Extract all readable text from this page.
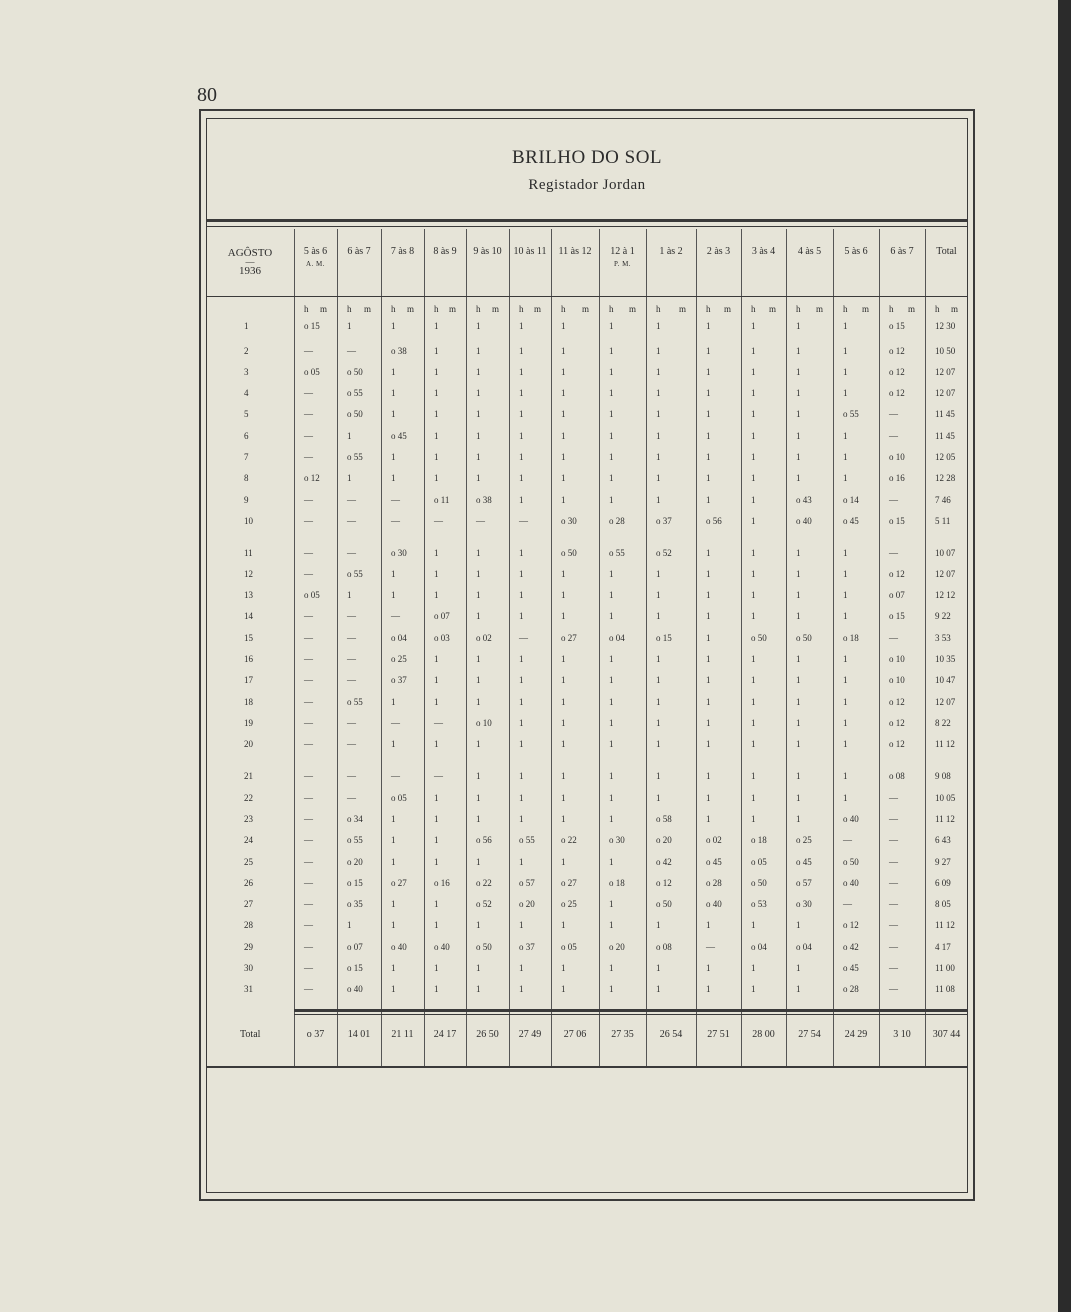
80
BRILHO DO SOL
Registador Jordan
AGÔSTO
—
1936
5 às 6
A. M.
6 às 7	7 às 8	8 às 9	9 às 10	10 às 11	11 às 12	12 à 1
P. M.
1 às 2	2 às 3	3 às 4	4 às 5	5 às 6	6 às 7	Total
h m h m h m h m h m h m h m h m h m h m h m h m h m h m h m
1	o 15	1	1	1	1	1	1	1	1	1	1	1	1	o 15	12 30
2	—	—	o 38	1	1	1	1	1	1	1	1	1	1	o 12	10 50
3	o 05	o 50	1	1	1	1	1	1	1	1	1	1	1	o 12	12 07
4	—	o 55	1	1	1	1	1	1	1	1	1	1	1	o 12	12 07
5	—	o 50	1	1	1	1	1	1	1	1	1	1	o 55	—	11 45
6	—	1	o 45	1	1	1	1	1	1	1	1	1	1	—	11 45
7	—	o 55	1	1	1	1	1	1	1	1	1	1	1	o 10	12 05
8	o 12	1	1	1	1	1	1	1	1	1	1	1	1	o 16	12 28
9	—	—	—	o 11	o 38	1	1	1	1	1	1	o 43	o 14	—	7 46
10	—	—	—	—	—	—	o 30	o 28	o 37	o 56	1	o 40	o 45	o 15	5 11
11	—	—	o 30	1	1	1	o 50	o 55	o 52	1	1	1	1	—	10 07
12	—	o 55	1	1	1	1	1	1	1	1	1	1	1	o 12	12 07
13	o 05	1	1	1	1	1	1	1	1	1	1	1	1	o 07	12 12
14	—	—	—	o 07	1	1	1	1	1	1	1	1	1	o 15	9 22
15	—	—	o 04	o 03	o 02	—	o 27	o 04	o 15	1	o 50	o 50	o 18	—	3 53
16	—	—	o 25	1	1	1	1	1	1	1	1	1	1	o 10	10 35
17	—	—	o 37	1	1	1	1	1	1	1	1	1	1	o 10	10 47
18	—	o 55	1	1	1	1	1	1	1	1	1	1	1	o 12	12 07
19	—	—	—	—	o 10	1	1	1	1	1	1	1	1	o 12	8 22
20	—	—	1	1	1	1	1	1	1	1	1	1	1	o 12	11 12
21	—	—	—	—	1	1	1	1	1	1	1	1	1	o 08	9 08
22	—	—	o 05	1	1	1	1	1	1	1	1	1	1	—	10 05
23	—	o 34	1	1	1	1	1	1	o 58	1	1	1	o 40	—	11 12
24	—	o 55	1	1	o 56	o 55	o 22	o 30	o 20	o 02	o 18	o 25	—	—	6 43
25	—	o 20	1	1	1	1	1	1	o 42	o 45	o 05	o 45	o 50	—	9 27
26	—	o 15	o 27	o 16	o 22	o 57	o 27	o 18	o 12	o 28	o 50	o 57	o 40	—	6 09
27	—	o 35	1	1	o 52	o 20	o 25	1	o 50	o 40	o 53	o 30	—	—	8 05
28	—	1	1	1	1	1	1	1	1	1	1	1	o 12	—	11 12
29	—	o 07	o 40	o 40	o 50	o 37	o 05	o 20	o 08	—	o 04	o 04	o 42	—	4 17
30	—	o 15	1	1	1	1	1	1	1	1	1	1	o 45	—	11 00
31	—	o 40	1	1	1	1	1	1	1	1	1	1	o 28	—	11 08
Total	o 37	14 01	21 11	24 17	26 50	27 49	27 06	27 35	26 54	27 51	28 00	27 54	24 29	3 10	307 44
